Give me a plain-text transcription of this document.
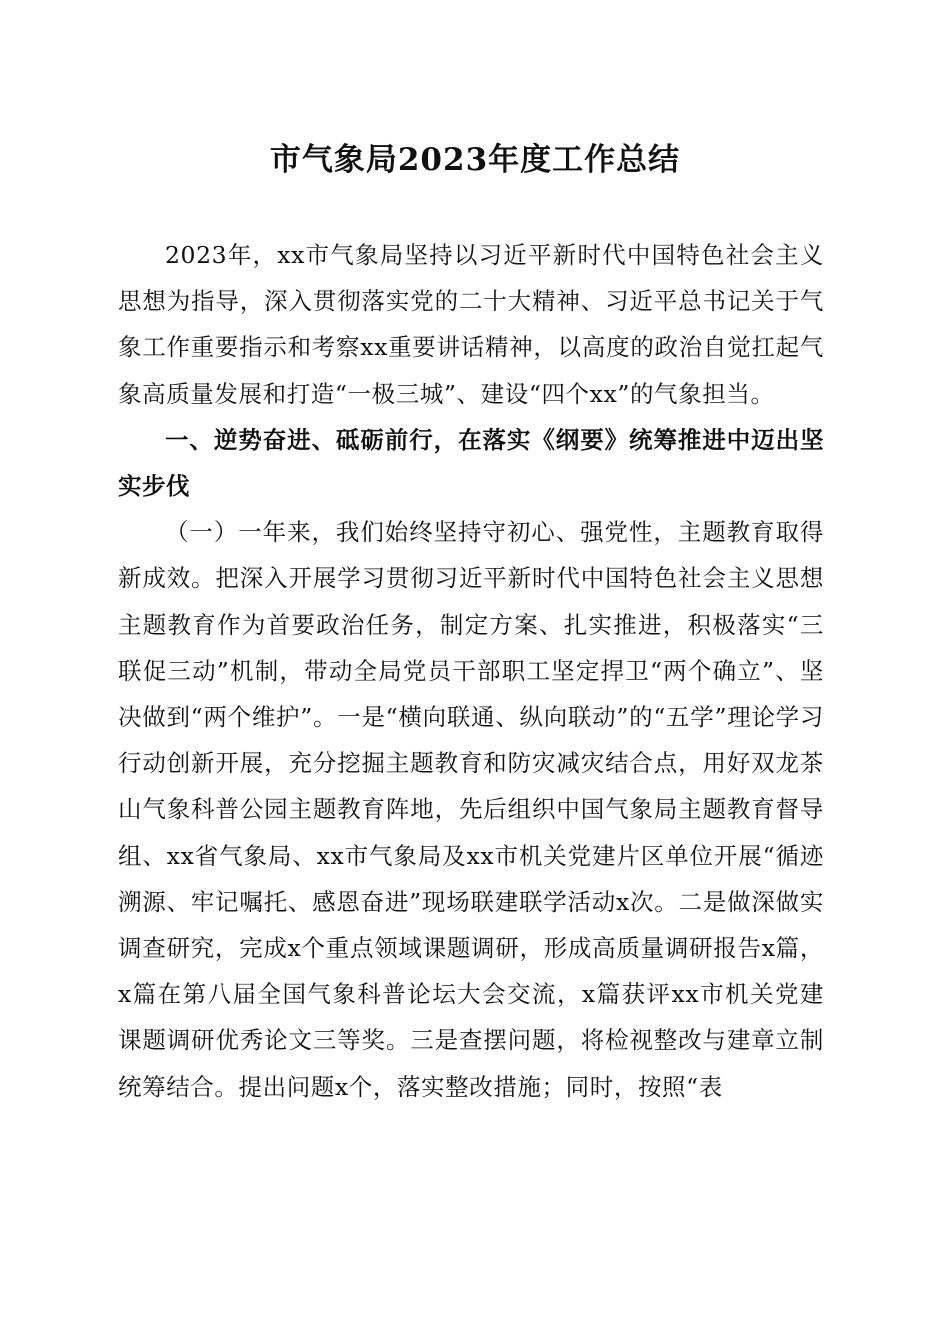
市气象局2023年度工作总结

2023年，xx市气象局坚持以习近平新时代中国特色社会主义思想为指导，深入贯彻落实党的二十大精神、习近平总书记关于气象工作重要指示和考察xx重要讲话精神，以高度的政治自觉扛起气象高质量发展和打造“一极三城”、建设“四个xx”的气象担当。

一、逆势奋进、砥砺前行，在落实《纲要》统筹推进中迈出坚实步伐

（一）一年来，我们始终坚持守初心、强党性，主题教育取得新成效。把深入开展学习贯彻习近平新时代中国特色社会主义思想主题教育作为首要政治任务，制定方案、扎实推进，积极落实“三联促三动”机制，带动全局党员干部职工坚定捍卫“两个确立”、坚决做到“两个维护”。一是“横向联通、纵向联动”的“五学”理论学习行动创新开展，充分挖掘主题教育和防灾减灾结合点，用好双龙茶山气象科普公园主题教育阵地，先后组织中国气象局主题教育督导组、xx省气象局、xx市气象局及xx市机关党建片区单位开展“循迹溯源、牢记嘱托、感恩奋进”现场联建联学活动x次。二是做深做实调查研究，完成x个重点领域课题调研，形成高质量调研报告x篇，x篇在第八届全国气象科普论坛大会交流，x篇获评xx市机关党建课题调研优秀论文三等奖。三是查摆问题，将检视整改与建章立制统筹结合。提出问题x个，落实整改措施；同时，按照“表
